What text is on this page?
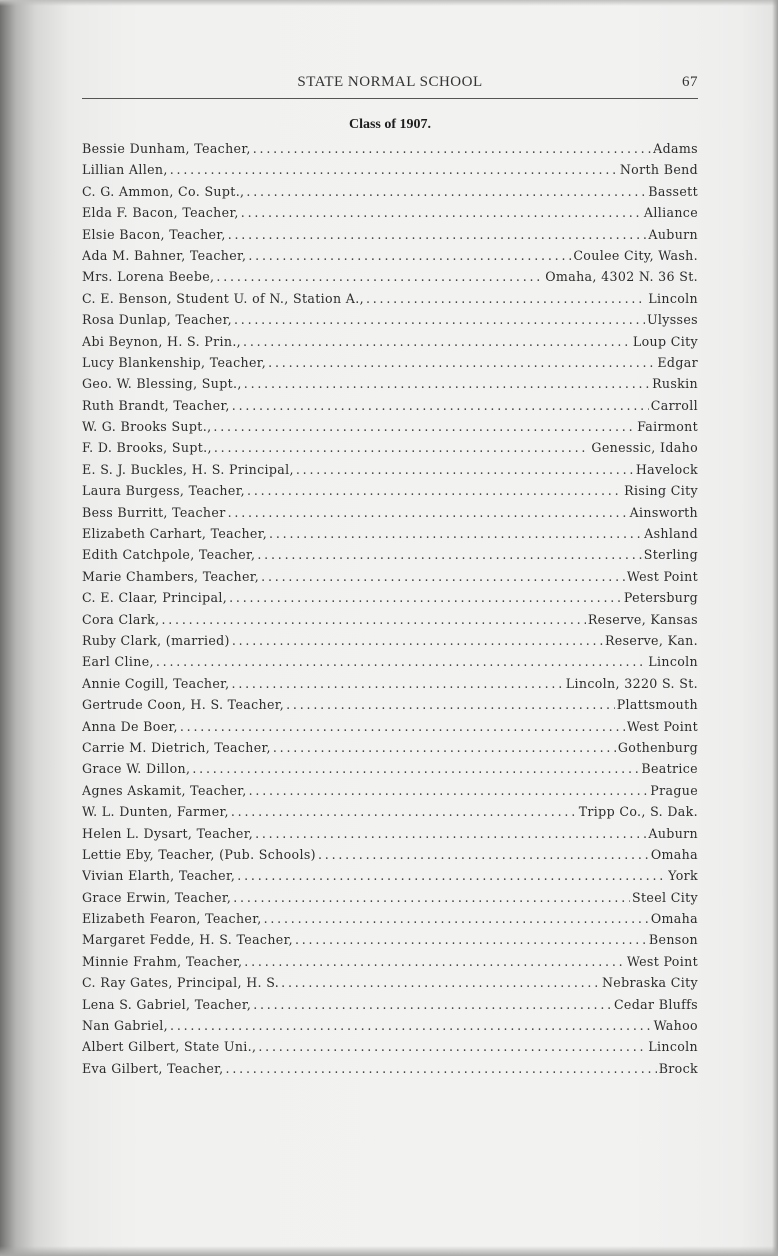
STATE NORMAL SCHOOL	67
Class of 1907.
Bessie Dunham, Teacher, . . .	Adams
Lillian Allen, . . .	North Bend
C. G. Ammon, Co. Supt., . . .	Bassett
Elda F. Bacon, Teacher, . . .	Alliance
Elsie Bacon, Teacher, . . .	Auburn
Ada M. Bahner, Teacher, . . .	Coulee City, Wash.
Mrs. Lorena Beebe, . . .	Omaha, 4302 N. 36 St.
C. E. Benson, Student U. of N., Station A., . . .	Lincoln
Rosa Dunlap, Teacher, . . .	Ulysses
Abi Beynon, H. S. Prin., . . .	Loup City
Lucy Blankenship, Teacher, . . .	Edgar
Geo. W. Blessing, Supt., . . .	Ruskin
Ruth Brandt, Teacher, . . .	Carroll
W. G. Brooks Supt., . . .	Fairmont
F. D. Brooks, Supt., . . .	Genessic, Idaho
E. S. J. Buckles, H. S. Principal, . . .	Havelock
Laura Burgess, Teacher, . . .	Rising City
Bess Burritt, Teacher . . .	Ainsworth
Elizabeth Carhart, Teacher, . . .	Ashland
Edith Catchpole, Teacher, . . .	Sterling
Marie Chambers, Teacher, . . .	West Point
C. E. Claar, Principal, . . .	Petersburg
Cora Clark, . . .	Reserve, Kansas
Ruby Clark, (married) . . .	Reserve, Kan.
Earl Cline, . . .	Lincoln
Annie Cogill, Teacher, . . .	Lincoln, 3220 S. St.
Gertrude Coon, H. S. Teacher, . . .	Plattsmouth
Anna De Boer, . . .	West Point
Carrie M. Dietrich, Teacher, . . .	Gothenburg
Grace W. Dillon, . . .	Beatrice
Agnes Askamit, Teacher, . . .	Prague
W. L. Dunten, Farmer, . . .	Tripp Co., S. Dak.
Helen L. Dysart, Teacher, . . .	Auburn
Lettie Eby, Teacher, (Pub. Schools) . . .	Omaha
Vivian Elarth, Teacher, . . .	York
Grace Erwin, Teacher, . . .	Steel City
Elizabeth Fearon, Teacher, . . .	Omaha
Margaret Fedde, H. S. Teacher, . . .	Benson
Minnie Frahm, Teacher, . . .	West Point
C. Ray Gates, Principal, H. S. . . .	Nebraska City
Lena S. Gabriel, Teacher, . . .	Cedar Bluffs
Nan Gabriel, . . .	Wahoo
Albert Gilbert, State Uni., . . .	Lincoln
Eva Gilbert, Teacher, . . .	Brock
